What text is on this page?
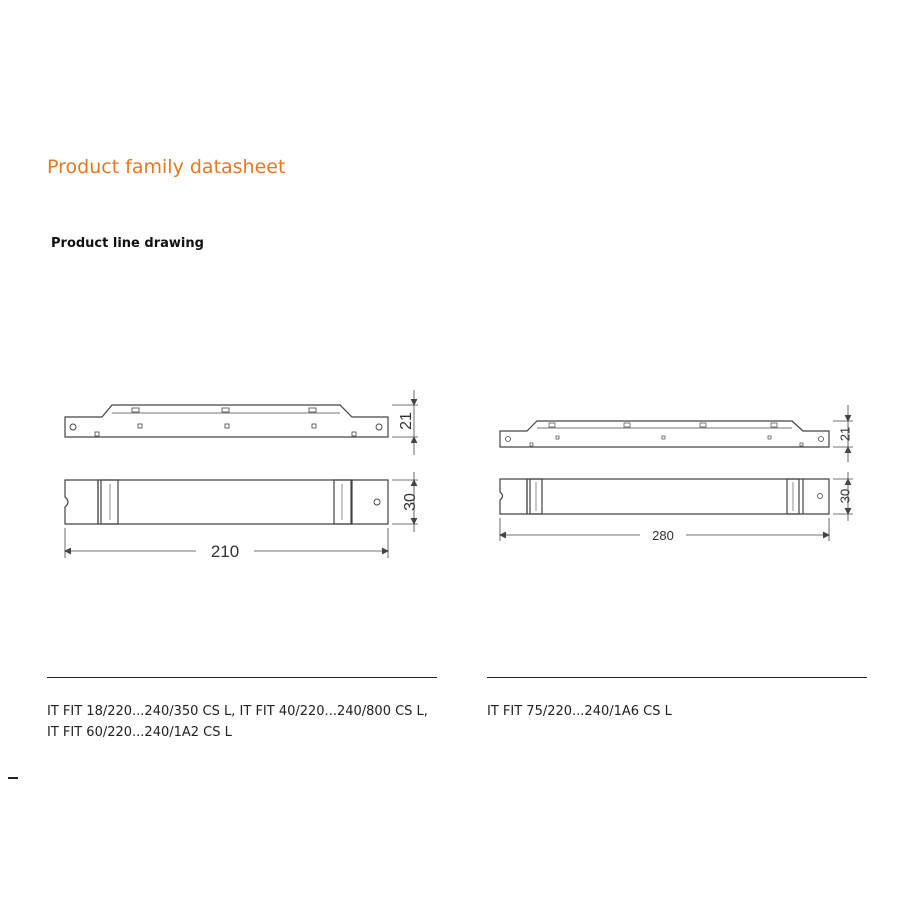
Product family datasheet
Product line drawing
21
30
210
21
30
280
IT FIT 18/220...240/350 CS L, IT FIT 40/220...240/800 CS L,
IT FIT 60/220...240/1A2 CS L
IT FIT 75/220...240/1A6 CS L
